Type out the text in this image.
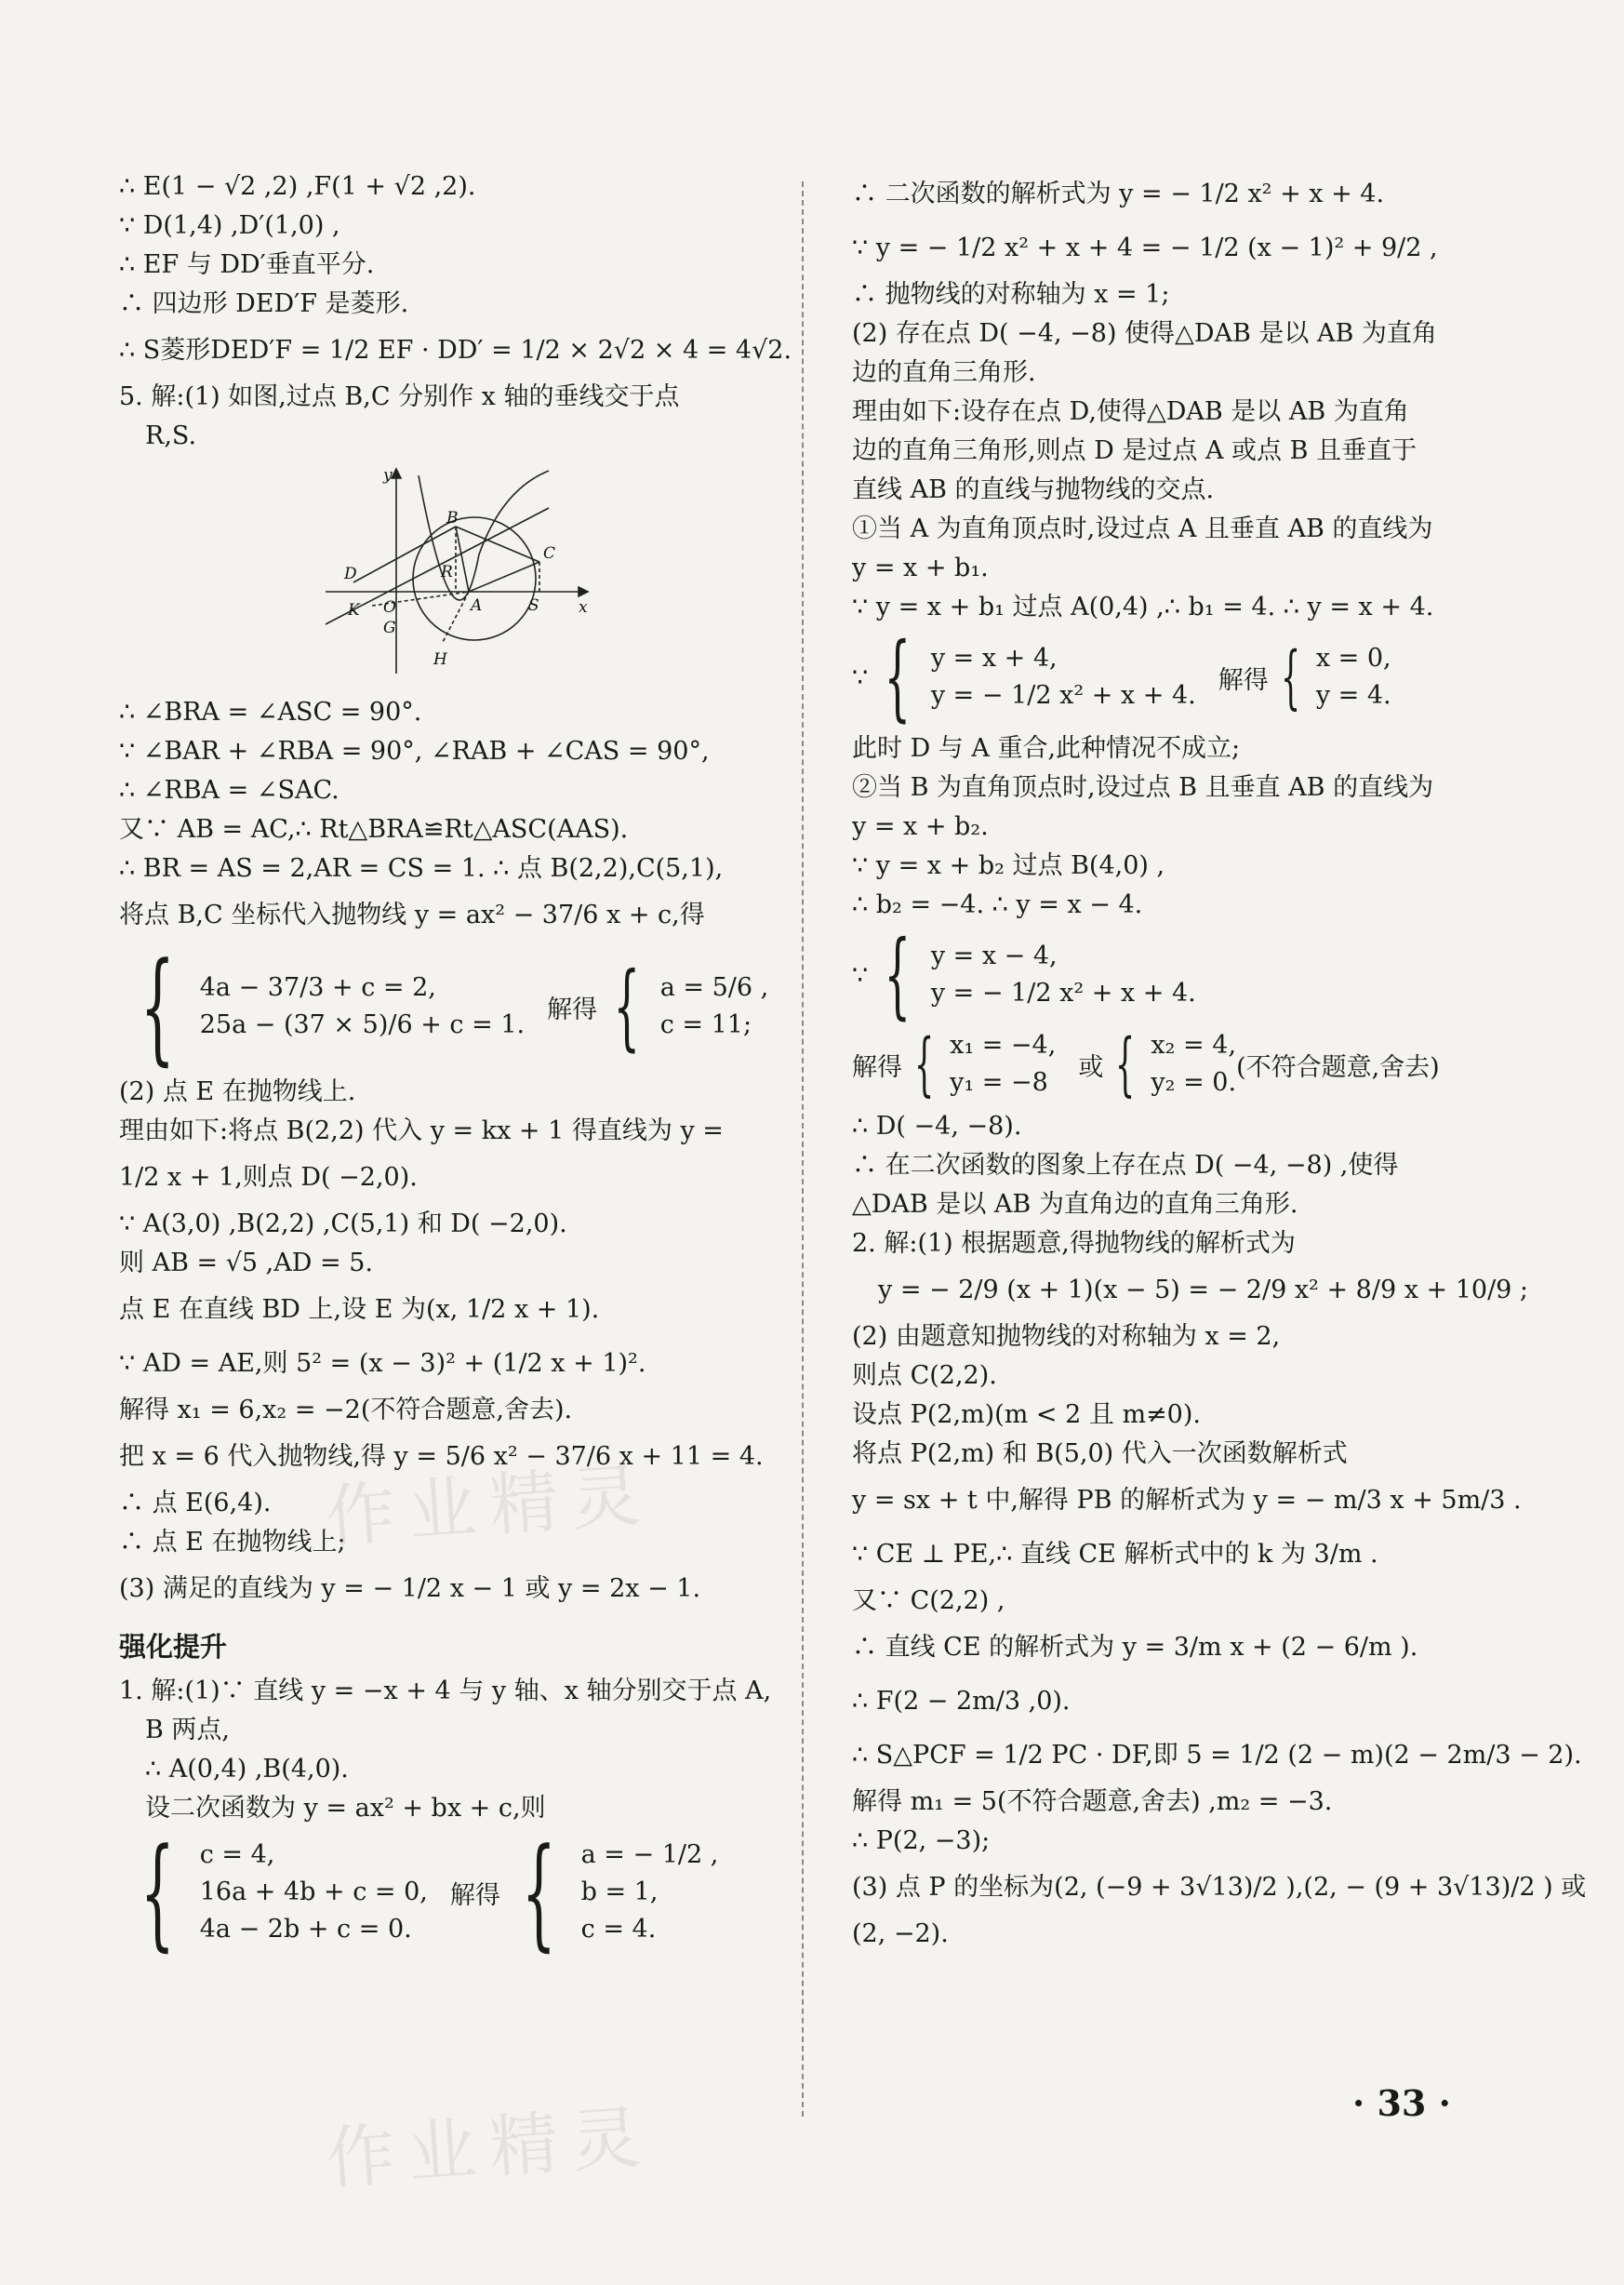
∴ E(1 − √2 ,2) ,F(1 + √2 ,2).
∵ D(1,4) ,D′(1,0) ,
∴ EF 与 DD′垂直平分.
∴ 四边形 DED′F 是菱形.
∴ S菱形DED′F = 1/2 EF · DD′ = 1/2 × 2√2 × 4 = 4√2.
5. 解:(1) 如图,过点 B,C 分别作 x 轴的垂线交于点
R,S.
y
x
B
C
D	R
K O	A	S
G
H
∴ ∠BRA = ∠ASC = 90°.
∵ ∠BAR + ∠RBA = 90°, ∠RAB + ∠CAS = 90°,
∴ ∠RBA = ∠SAC.
又∵ AB = AC,∴ Rt△BRA≌Rt△ASC(AAS).
∴ BR = AS = 2,AR = CS = 1. ∴ 点 B(2,2),C(5,1),
将点 B,C 坐标代入抛物线 y = ax² − 37/6 x + c,得
{ 4a − 37/3 + c = 2,
25a − (37 × 5)/6 + c = 1.
解得 { a = 5/6 ,
c = 11;
(2) 点 E 在抛物线上.
理由如下:将点 B(2,2) 代入 y = kx + 1 得直线为 y =
1/2 x + 1,则点 D( −2,0).
∵ A(3,0) ,B(2,2) ,C(5,1) 和 D( −2,0).
则 AB = √5 ,AD = 5.
点 E 在直线 BD 上,设 E 为(x, 1/2 x + 1).
∵ AD = AE,则 5² = (x − 3)² + (1/2 x + 1)².
解得 x₁ = 6,x₂ = −2(不符合题意,舍去).
把 x = 6 代入抛物线,得 y = 5/6 x² − 37/6 x + 11 = 4.
∴ 点 E(6,4).
∴ 点 E 在抛物线上;
(3) 满足的直线为 y = − 1/2 x − 1 或 y = 2x − 1.
强化提升
1. 解:(1)∵ 直线 y = −x + 4 与 y 轴、x 轴分别交于点 A,
B 两点,
∴ A(0,4) ,B(4,0).
设二次函数为 y = ax² + bx + c,则
{ c = 4,
16a + 4b + c = 0,
4a − 2b + c = 0.
解得 { a = − 1/2 ,
b = 1,
c = 4.
∴ 二次函数的解析式为 y = − 1/2 x² + x + 4.
∵ y = − 1/2 x² + x + 4 = − 1/2 (x − 1)² + 9/2 ,
∴ 抛物线的对称轴为 x = 1;
(2) 存在点 D( −4, −8) 使得△DAB 是以 AB 为直角
边的直角三角形.
理由如下:设存在点 D,使得△DAB 是以 AB 为直角
边的直角三角形,则点 D 是过点 A 或点 B 且垂直于
直线 AB 的直线与抛物线的交点.
①当 A 为直角顶点时,设过点 A 且垂直 AB 的直线为
y = x + b₁.
∵ y = x + b₁ 过点 A(0,4) ,∴ b₁ = 4. ∴ y = x + 4.
∵ { y = x + 4,
y = − 1/2 x² + x + 4.
解得 { x = 0,
y = 4.
此时 D 与 A 重合,此种情况不成立;
②当 B 为直角顶点时,设过点 B 且垂直 AB 的直线为
y = x + b₂.
∵ y = x + b₂ 过点 B(4,0) ,
∴ b₂ = −4. ∴ y = x − 4.
∵ { y = x − 4,
y = − 1/2 x² + x + 4.
解得 { x₁ = −4,
y₁ = −8
或 { x₂ = 4,
y₂ = 0.
(不符合题意,舍去)
∴ D( −4, −8).
∴ 在二次函数的图象上存在点 D( −4, −8) ,使得
△DAB 是以 AB 为直角边的直角三角形.
2. 解:(1) 根据题意,得抛物线的解析式为
y = − 2/9 (x + 1)(x − 5) = − 2/9 x² + 8/9 x + 10/9 ;
(2) 由题意知抛物线的对称轴为 x = 2,
则点 C(2,2).
设点 P(2,m)(m < 2 且 m≠0).
将点 P(2,m) 和 B(5,0) 代入一次函数解析式
y = sx + t 中,解得 PB 的解析式为 y = − m/3 x + 5m/3 .
∵ CE ⊥ PE,∴ 直线 CE 解析式中的 k 为 3/m .
又∵ C(2,2) ,
∴ 直线 CE 的解析式为 y = 3/m x + (2 − 6/m ).
∴ F(2 − 2m/3 ,0).
∴ S△PCF = 1/2 PC · DF,即 5 = 1/2 (2 − m)(2 − 2m/3 − 2).
解得 m₁ = 5(不符合题意,舍去) ,m₂ = −3.
∴ P(2, −3);
(3) 点 P 的坐标为(2, (−9 + 3√13)/2 ),(2, − (9 + 3√13)/2 ) 或
(2, −2).
作业精灵
作业精灵	· 33 ·
